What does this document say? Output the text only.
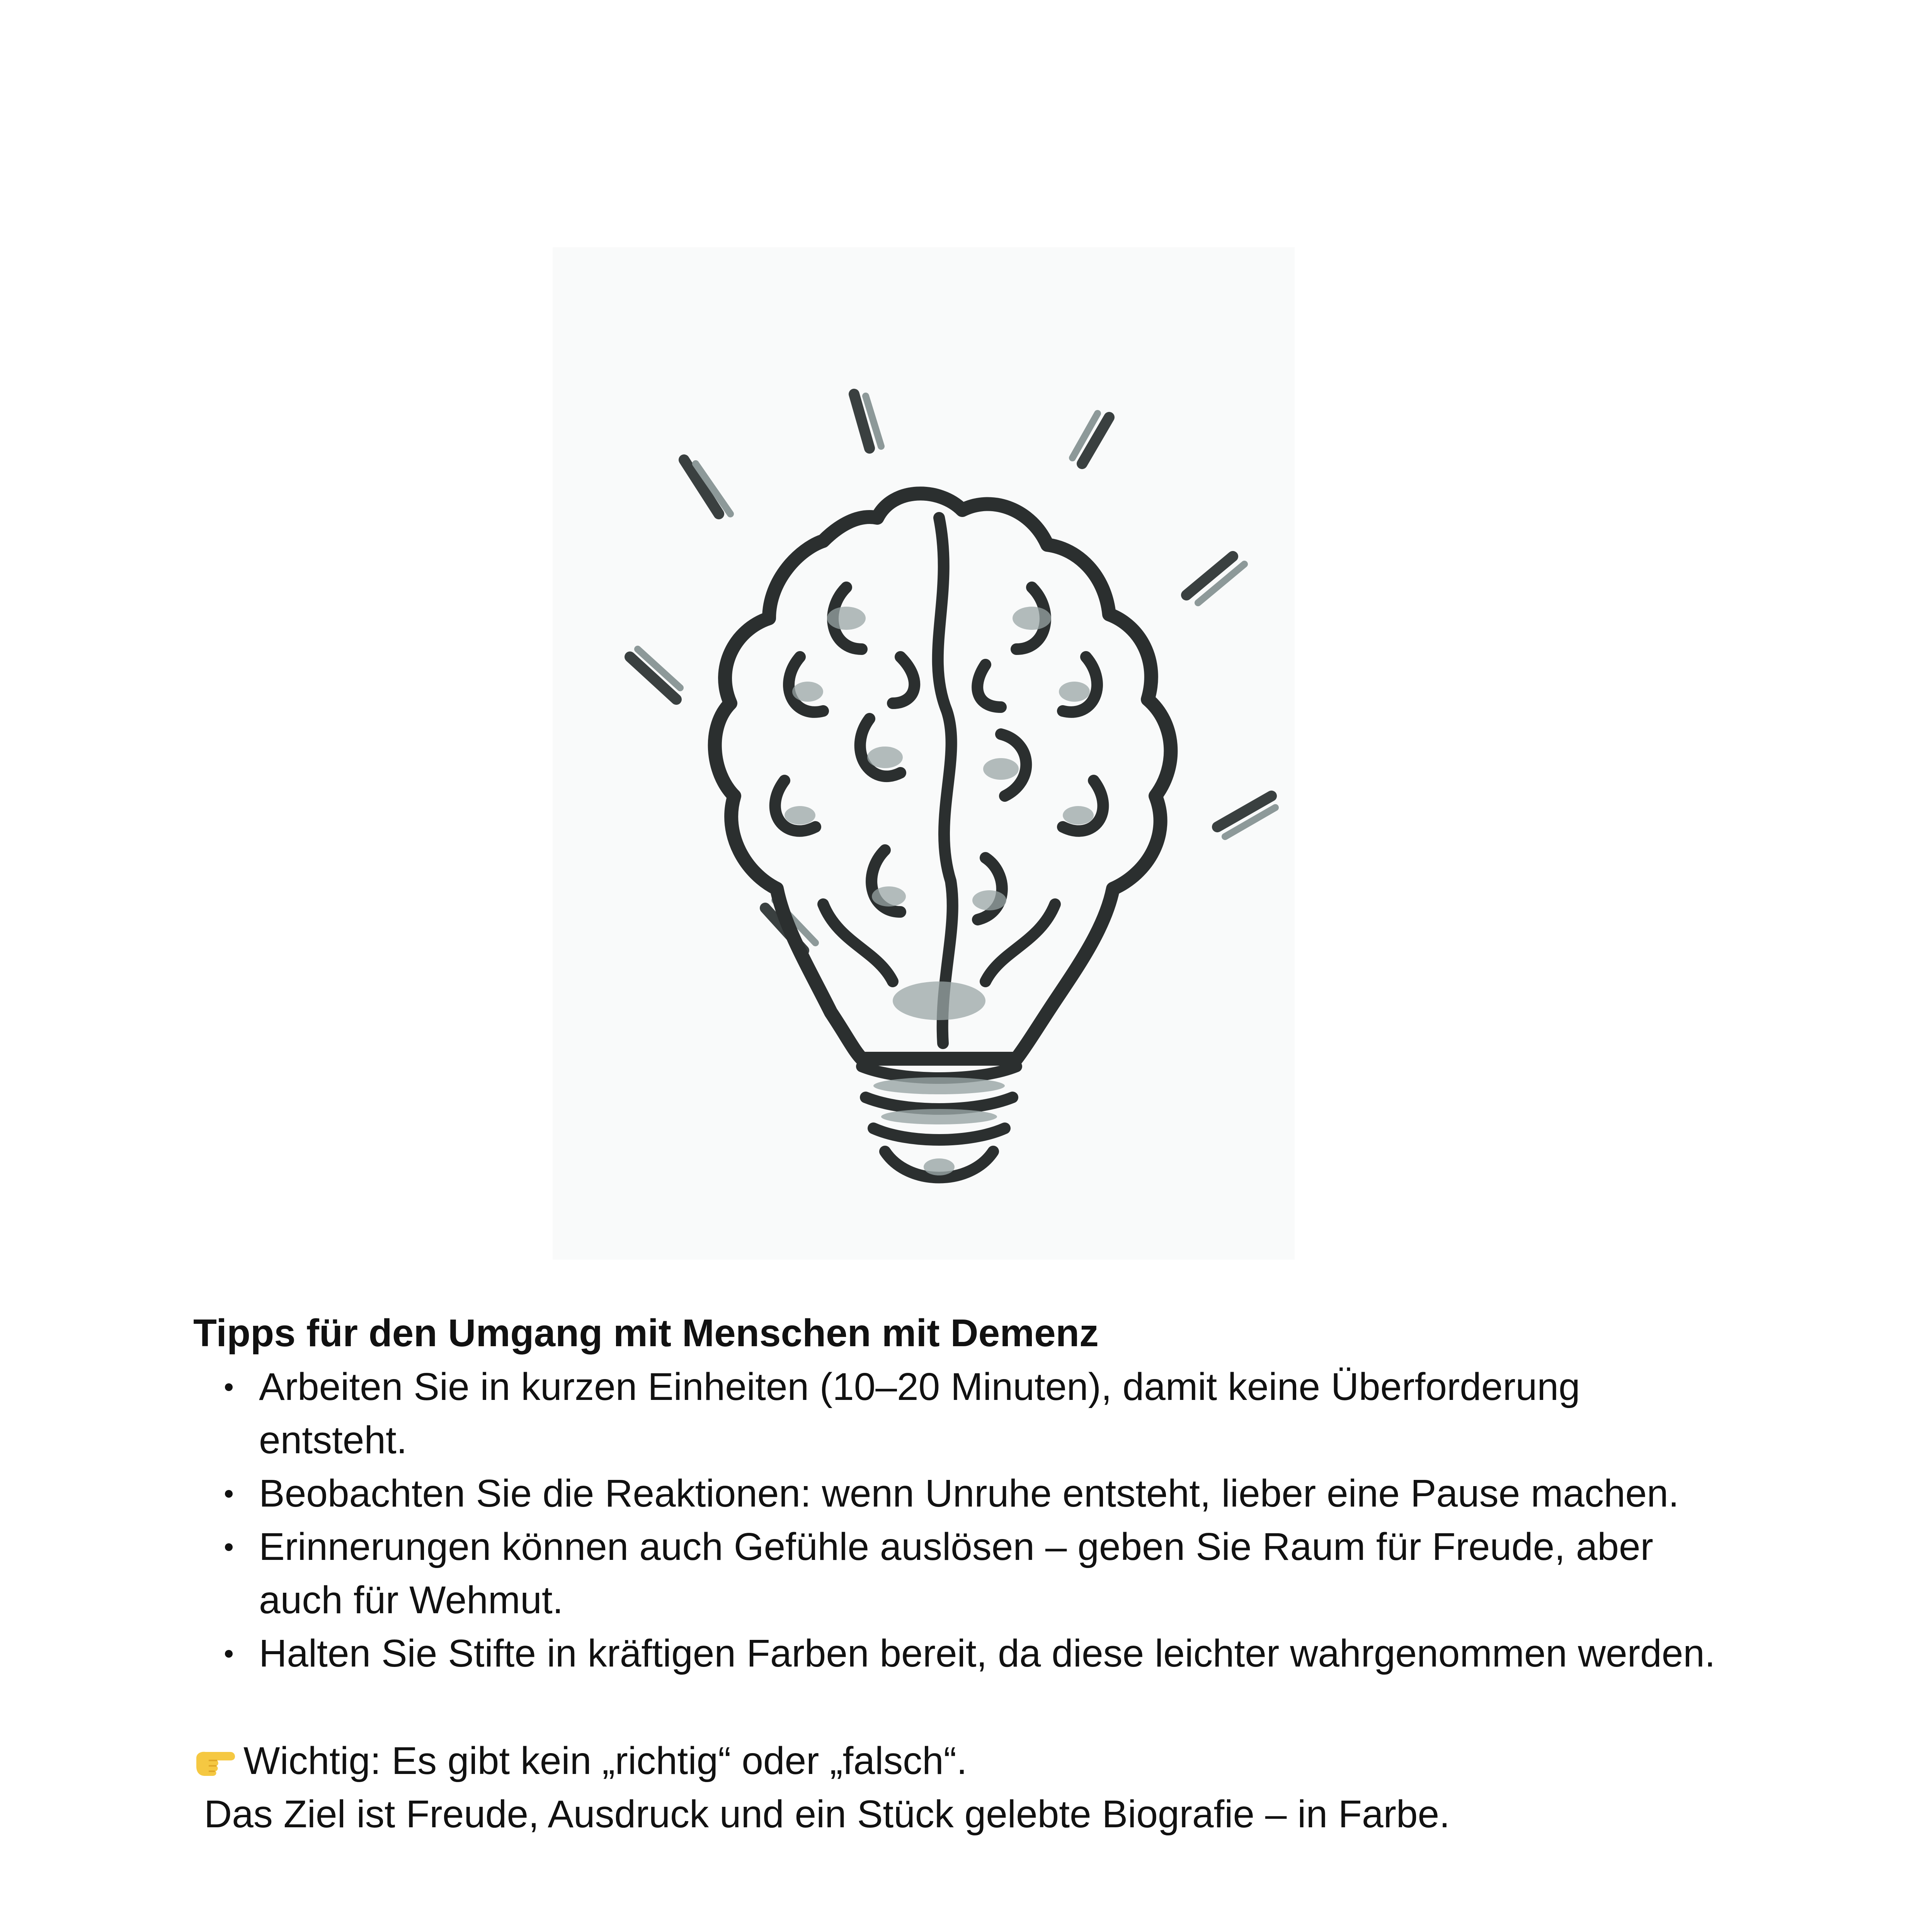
Tipps für den Umgang mit Menschen mit Demenz

Arbeiten Sie in kurzen Einheiten (10–20 Minuten), damit keine Überforderung entsteht.
Beobachten Sie die Reaktionen: wenn Unruhe entsteht, lieber eine Pause machen.
Erinnerungen können auch Gefühle auslösen – geben Sie Raum für Freude, aber auch für Wehmut.
Halten Sie Stifte in kräftigen Farben bereit, da diese leichter wahrgenommen werden.
Wichtig: Es gibt kein „richtig“ oder „falsch“.
Das Ziel ist Freude, Ausdruck und ein Stück gelebte Biografie – in Farbe.
